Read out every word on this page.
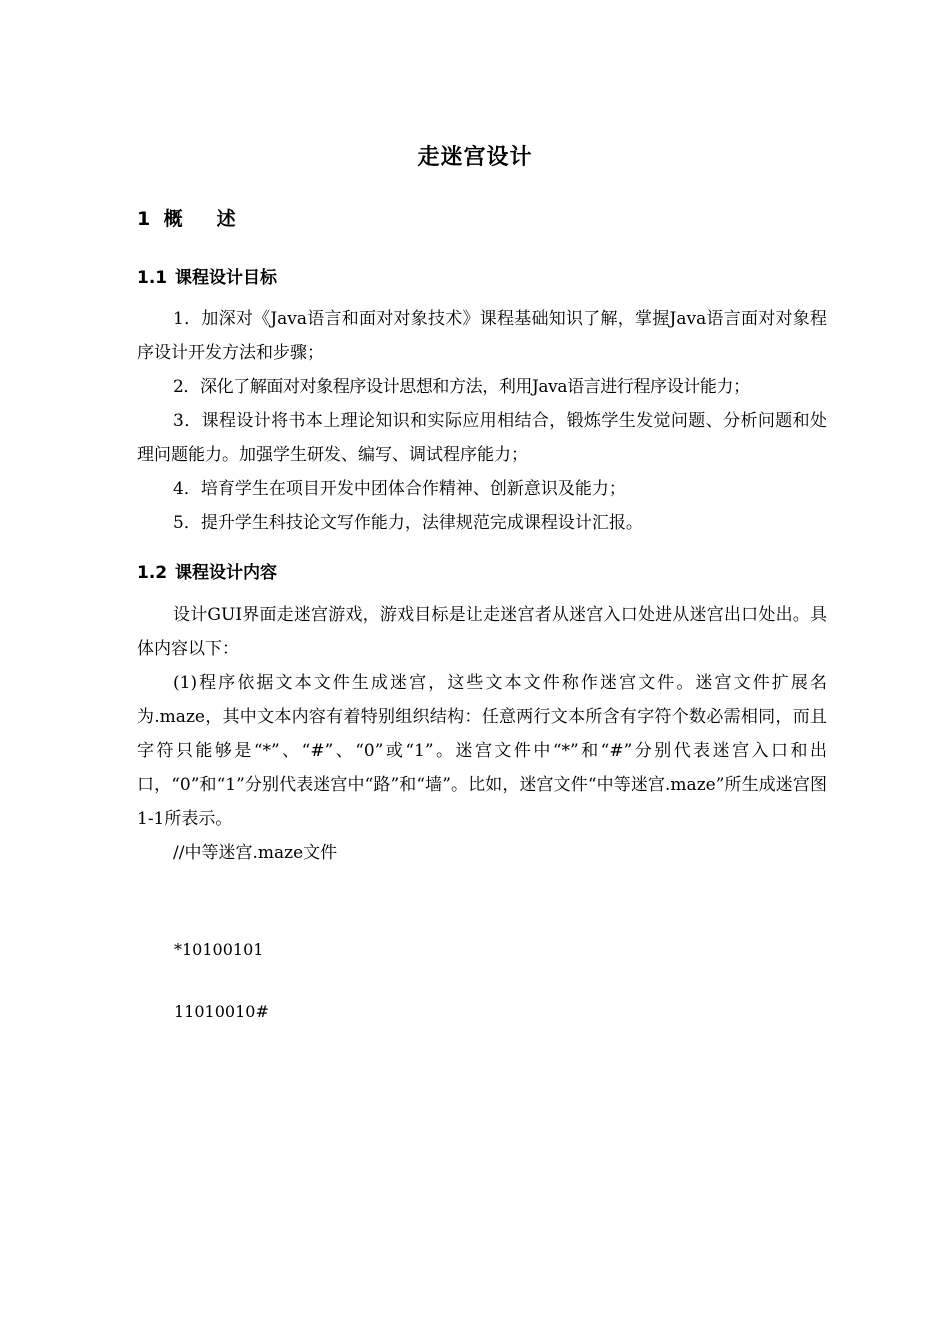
走迷宫设计
1 概述
1.1 课程设计目标

1．加深对《Java语言和面对对象技术》课程基础知识了解，掌握Java语言面对对象程序设计开发方法和步骤；

2．深化了解面对对象程序设计思想和方法，利用Java语言进行程序设计能力；

3．课程设计将书本上理论知识和实际应用相结合，锻炼学生发觉问题、分析问题和处理问题能力。加强学生研发、编写、调试程序能力；

4．培育学生在项目开发中团体合作精神、创新意识及能力；

5．提升学生科技论文写作能力，法律规范完成课程设计汇报。

1.2 课程设计内容

设计GUI界面走迷宫游戏，游戏目标是让走迷宫者从迷宫入口处进从迷宫出口处出。具体内容以下：

(1)程序依据文本文件生成迷宫，这些文本文件称作迷宫文件。迷宫文件扩展名为.maze，其中文本内容有着特别组织结构：任意两行文本所含有字符个数必需相同，而且字符只能够是“*”、“#”、“0”或“1”。迷宫文件中“*”和“#”分别代表迷宫入口和出口，“0”和“1”分别代表迷宫中“路”和“墙”。比如，迷宫文件“中等迷宫.maze”所生成迷宫图1-1所表示。

//中等迷宫.maze文件

*10100101
11010010#
